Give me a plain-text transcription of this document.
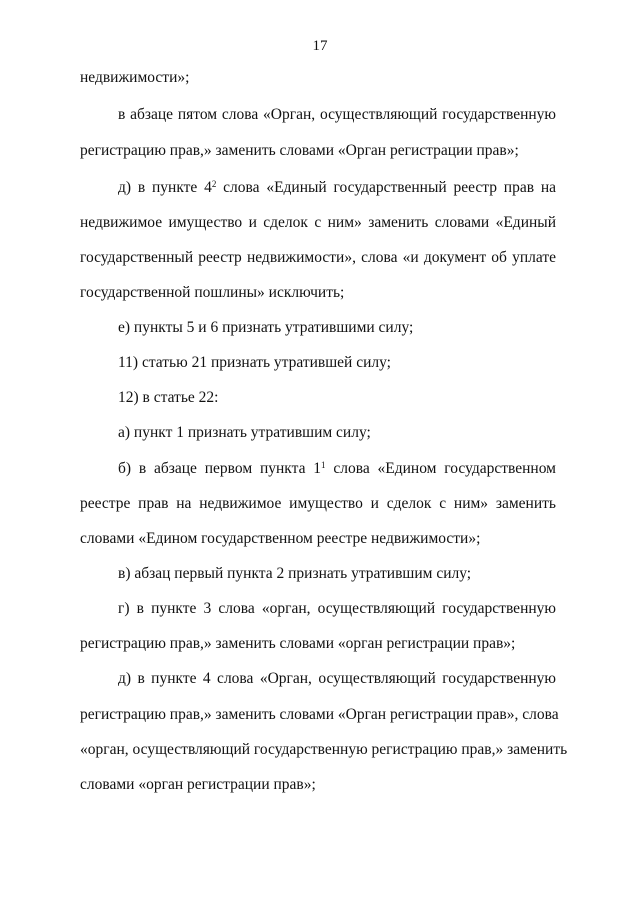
17
недвижимости»;
в абзаце пятом слова «Орган, осуществляющий государственную
регистрацию прав,» заменить словами «Орган регистрации прав»;
д) в пункте $4^2$ слова «Единый государственный реестр прав на
недвижимое имущество и сделок с ним» заменить словами «Единый
государственный реестр недвижимости», слова «и документ об уплате
государственной пошлины» исключить;
е) пункты 5 и 6 признать утратившими силу;
11) статью 21 признать утратившей силу;
12) в статье 22:
а) пункт 1 признать утратившим силу;
б) в абзаце первом пункта $1^1$ слова «Едином государственном
реестре прав на недвижимое имущество и сделок с ним» заменить
словами «Едином государственном реестре недвижимости»;
в) абзац первый пункта 2 признать утратившим силу;
г) в пункте 3 слова «орган, осуществляющий государственную
регистрацию прав,» заменить словами «орган регистрации прав»;
д) в пункте 4 слова «Орган, осуществляющий государственную
регистрацию прав,» заменить словами «Орган регистрации прав», слова
«орган, осуществляющий государственную регистрацию прав,» заменить
словами «орган регистрации прав»;
